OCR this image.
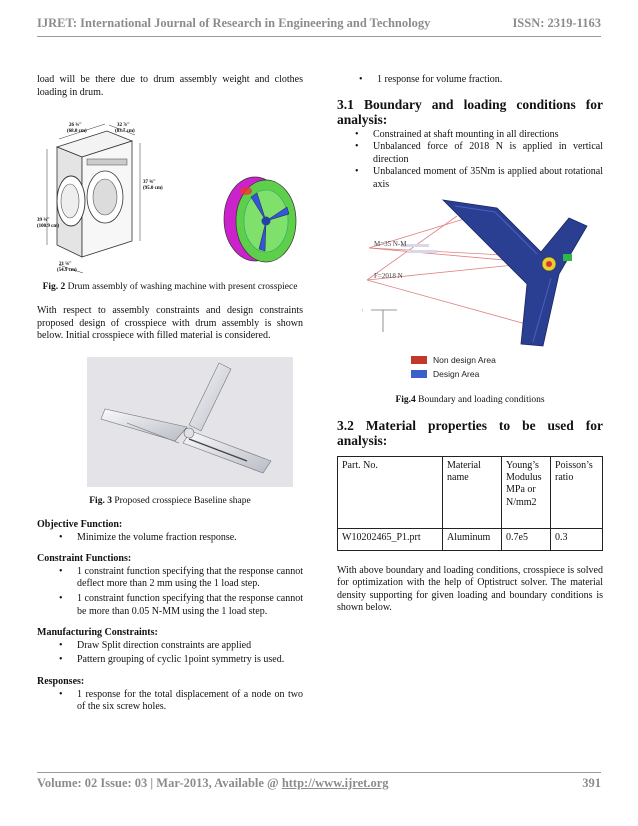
IJRET: International Journal of Research in Engineering and Technology	ISSN: 2319-1163

load will be there due to drum assembly weight and clothes loading in drum.

26 ¾"
(68.0 cm)
32 ⅞"
(83.7 cm)
37 ⅜"
(95.0 cm)
21 ⅝"
(54.9 cm)
39 ¾"
(100.9 cm)
Fig. 2 Drum assembly of washing machine with present crosspiece

With respect to assembly constraints and design constraints proposed design of crosspiece with drum assembly is shown below. Initial crosspiece with filled material is considered.

Fig. 3 Proposed crosspiece Baseline shape

Objective Function:

• Minimize the volume fraction response.

Constraint Functions:

• 1 constraint function specifying that the response cannot deflect more than 2 mm using the 1 load step.
• 1 constraint function specifying that the response cannot be more than 0.05 N-MM using the 1 load step.

Manufacturing Constraints:

• Draw Split direction constraints are applied
• Pattern grouping of cyclic 1point symmetry is used.

Responses:

• 1 response for the total displacement of a node on two of the six screw holes.
• 1 response for volume fraction.

3.1 Boundary and loading conditions for analysis:

• Constrained at shaft mounting in all directions
• Unbalanced force of 2018 N is applied in vertical direction
• Unbalanced moment of 35Nm is applied about rotational axis
↑
M=35 N-M
F=2018 N
Non design Area
Design Area
Fig.4 Boundary and loading conditions

3.2 Material properties to be used for analysis:

Part. No.	Material name	Young’s Modulus MPa or N/mm2	Poisson’s ratio
W10202465_P1.prt	Aluminum	0.7e5	0.3

With above boundary and loading conditions, crosspiece is solved for optimization with the help of Optistruct solver. The material density supporting for given loading and boundary conditions is shown below.

Volume: 02 Issue: 03 | Mar-2013, Available @ http://www.ijret.org	391
